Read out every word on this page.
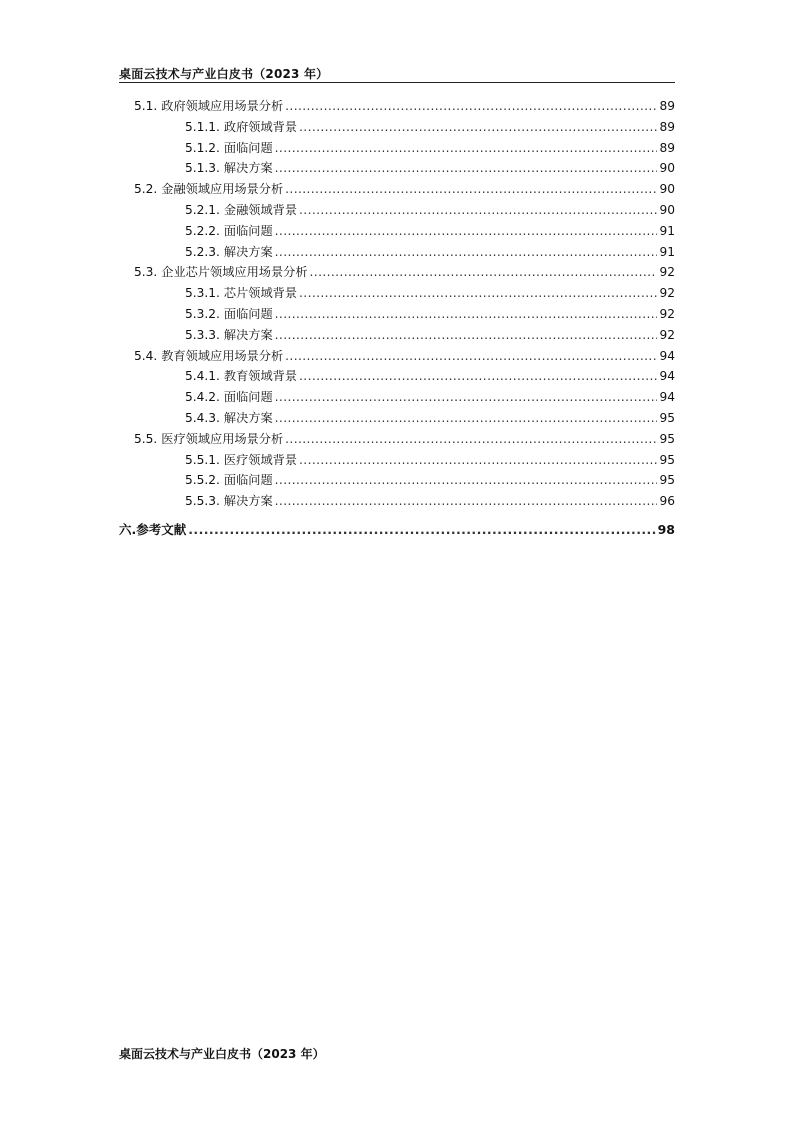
桌面云技术与产业白皮书（2023 年）
5.1. 政府领域应用场景分析 .....	89
5.1.1. 政府领域背景 .....	89
5.1.2. 面临问题 .....	89
5.1.3. 解决方案 .....	90
5.2. 金融领域应用场景分析 .....	90
5.2.1. 金融领域背景 .....	90
5.2.2. 面临问题 .....	91
5.2.3. 解决方案 .....	91
5.3. 企业芯片领域应用场景分析 .....	92
5.3.1. 芯片领域背景 .....	92
5.3.2. 面临问题 .....	92
5.3.3. 解决方案 .....	92
5.4. 教育领域应用场景分析 .....	94
5.4.1. 教育领域背景 .....	94
5.4.2. 面临问题 .....	94
5.4.3. 解决方案 .....	95
5.5. 医疗领域应用场景分析 .....	95
5.5.1. 医疗领域背景 .....	95
5.5.2. 面临问题 .....	95
5.5.3. 解决方案 .....	96
六. 参考文献 .....	98
桌面云技术与产业白皮书（2023 年）
